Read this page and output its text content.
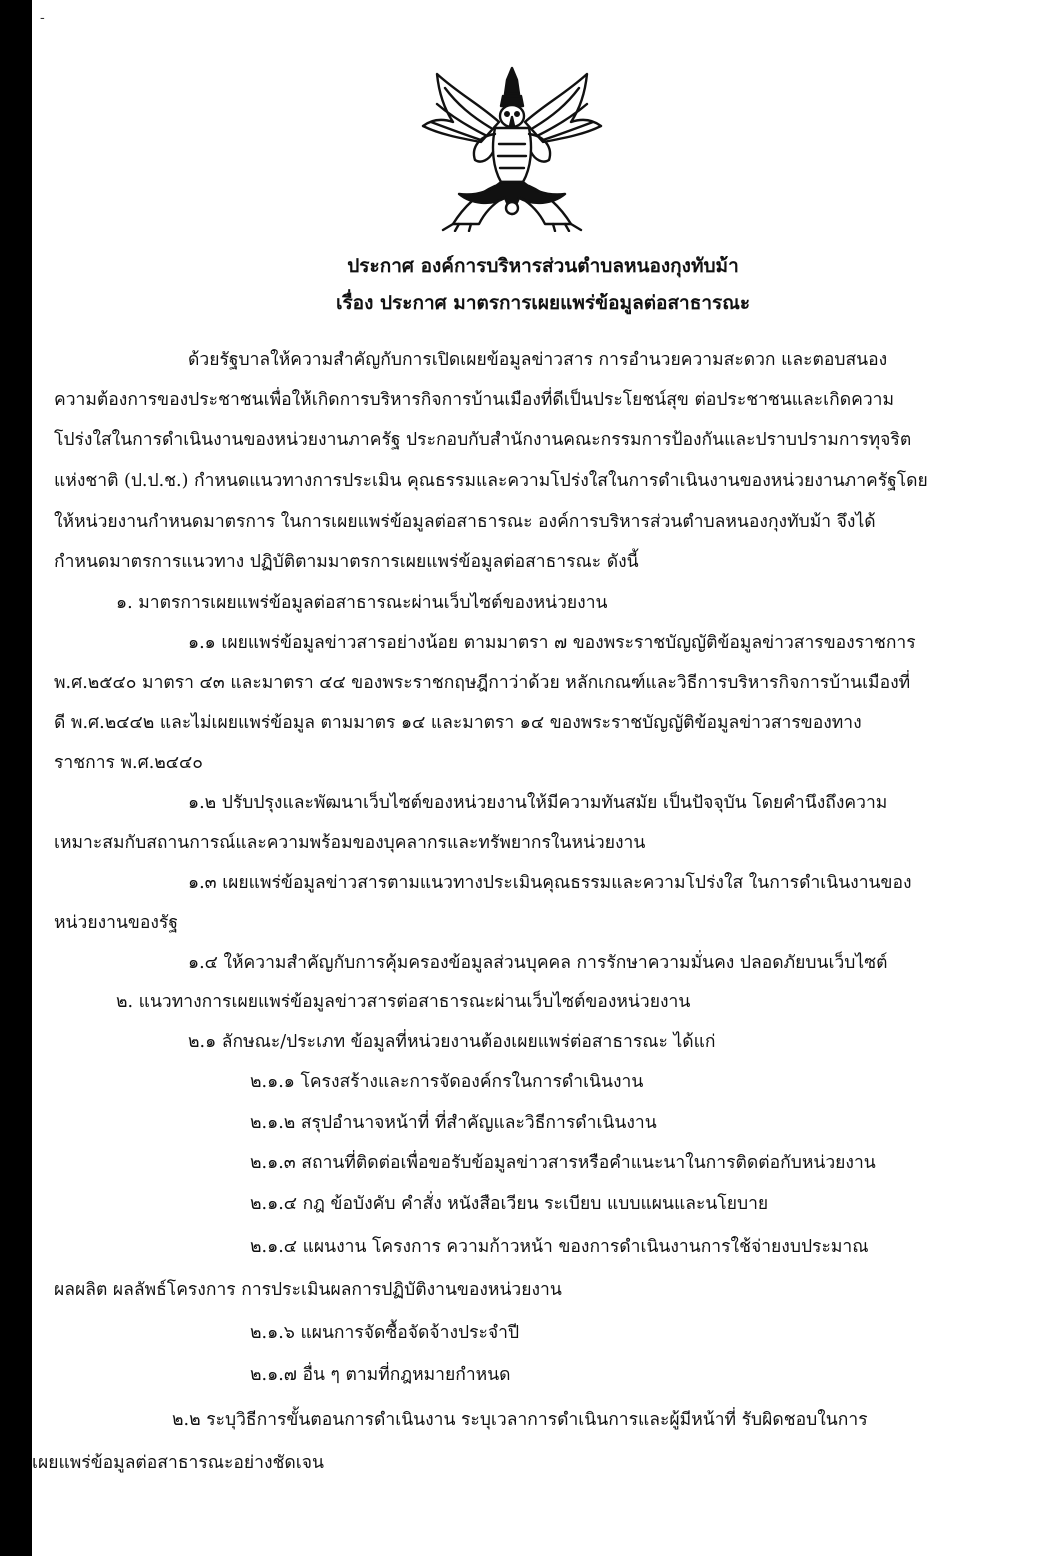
-
ประกาศ องค์การบริหารส่วนตำบลหนองกุงทับม้า
เรื่อง ประกาศ มาตรการเผยแพร่ข้อมูลต่อสาธารณะ
ด้วยรัฐบาลให้ความสำคัญกับการเปิดเผยข้อมูลข่าวสาร การอำนวยความสะดวก และตอบสนอง
ความต้องการของประชาชนเพื่อให้เกิดการบริหารกิจการบ้านเมืองที่ดีเป็นประโยชน์สุข ต่อประชาชนและเกิดความ
โปร่งใสในการดำเนินงานของหน่วยงานภาครัฐ ประกอบกับสำนักงานคณะกรรมการป้องกันและปราบปรามการทุจริต
แห่งชาติ (ป.ป.ช.) กำหนดแนวทางการประเมิน คุณธรรมและความโปร่งใสในการดำเนินงานของหน่วยงานภาครัฐโดย
ให้หน่วยงานกำหนดมาตรการ ในการเผยแพร่ข้อมูลต่อสาธารณะ องค์การบริหารส่วนตำบลหนองกุงทับม้า จึงได้
กำหนดมาตรการแนวทาง ปฏิบัติตามมาตรการเผยแพร่ข้อมูลต่อสาธารณะ ดังนี้
๑. มาตรการเผยแพร่ข้อมูลต่อสาธารณะผ่านเว็บไซต์ของหน่วยงาน
๑.๑ เผยแพร่ข้อมูลข่าวสารอย่างน้อย ตามมาตรา ๗ ของพระราชบัญญัติข้อมูลข่าวสารของราชการ
พ.ศ.๒๕๔๐ มาตรา ๔๓ และมาตรา ๔๔ ของพระราชกฤษฎีกาว่าด้วย หลักเกณฑ์และวิธีการบริหารกิจการบ้านเมืองที่
ดี พ.ศ.๒๔๔๒ และไม่เผยแพร่ข้อมูล ตามมาตร ๑๔ และมาตรา ๑๔ ของพระราชบัญญัติข้อมูลข่าวสารของทาง
ราชการ พ.ศ.๒๔๔๐
๑.๒ ปรับปรุงและพัฒนาเว็บไซต์ของหน่วยงานให้มีความทันสมัย เป็นปัจจุบัน โดยคำนึงถึงความ
เหมาะสมกับสถานการณ์และความพร้อมของบุคลากรและทรัพยากรในหน่วยงาน
๑.๓ เผยแพร่ข้อมูลข่าวสารตามแนวทางประเมินคุณธรรมและความโปร่งใส ในการดำเนินงานของ
หน่วยงานของรัฐ
๑.๔ ให้ความสำคัญกับการคุ้มครองข้อมูลส่วนบุคคล การรักษาความมั่นคง ปลอดภัยบนเว็บไซต์
๒. แนวทางการเผยแพร่ข้อมูลข่าวสารต่อสาธารณะผ่านเว็บไซต์ของหน่วยงาน
๒.๑ ลักษณะ/ประเภท ข้อมูลที่หน่วยงานต้องเผยแพร่ต่อสาธารณะ ได้แก่
๒.๑.๑ โครงสร้างและการจัดองค์กรในการดำเนินงาน
๒.๑.๒ สรุปอำนาจหน้าที่ ที่สำคัญและวิธีการดำเนินงาน
๒.๑.๓ สถานที่ติดต่อเพื่อขอรับข้อมูลข่าวสารหรือคำแนะนาในการติดต่อกับหน่วยงาน
๒.๑.๔ กฎ ข้อบังคับ คำสั่ง หนังสือเวียน ระเบียบ แบบแผนและนโยบาย
๒.๑.๔ แผนงาน โครงการ ความก้าวหน้า ของการดำเนินงานการใช้จ่ายงบประมาณ
ผลผลิต ผลลัพธ์โครงการ การประเมินผลการปฏิบัติงานของหน่วยงาน
๒.๑.๖ แผนการจัดซื้อจัดจ้างประจำปี
๒.๑.๗ อื่น ๆ ตามที่กฎหมายกำหนด
๒.๒ ระบุวิธีการขั้นตอนการดำเนินงาน ระบุเวลาการดำเนินการและผู้มีหน้าที่ รับผิดชอบในการ
เผยแพร่ข้อมูลต่อสาธารณะอย่างชัดเจน
